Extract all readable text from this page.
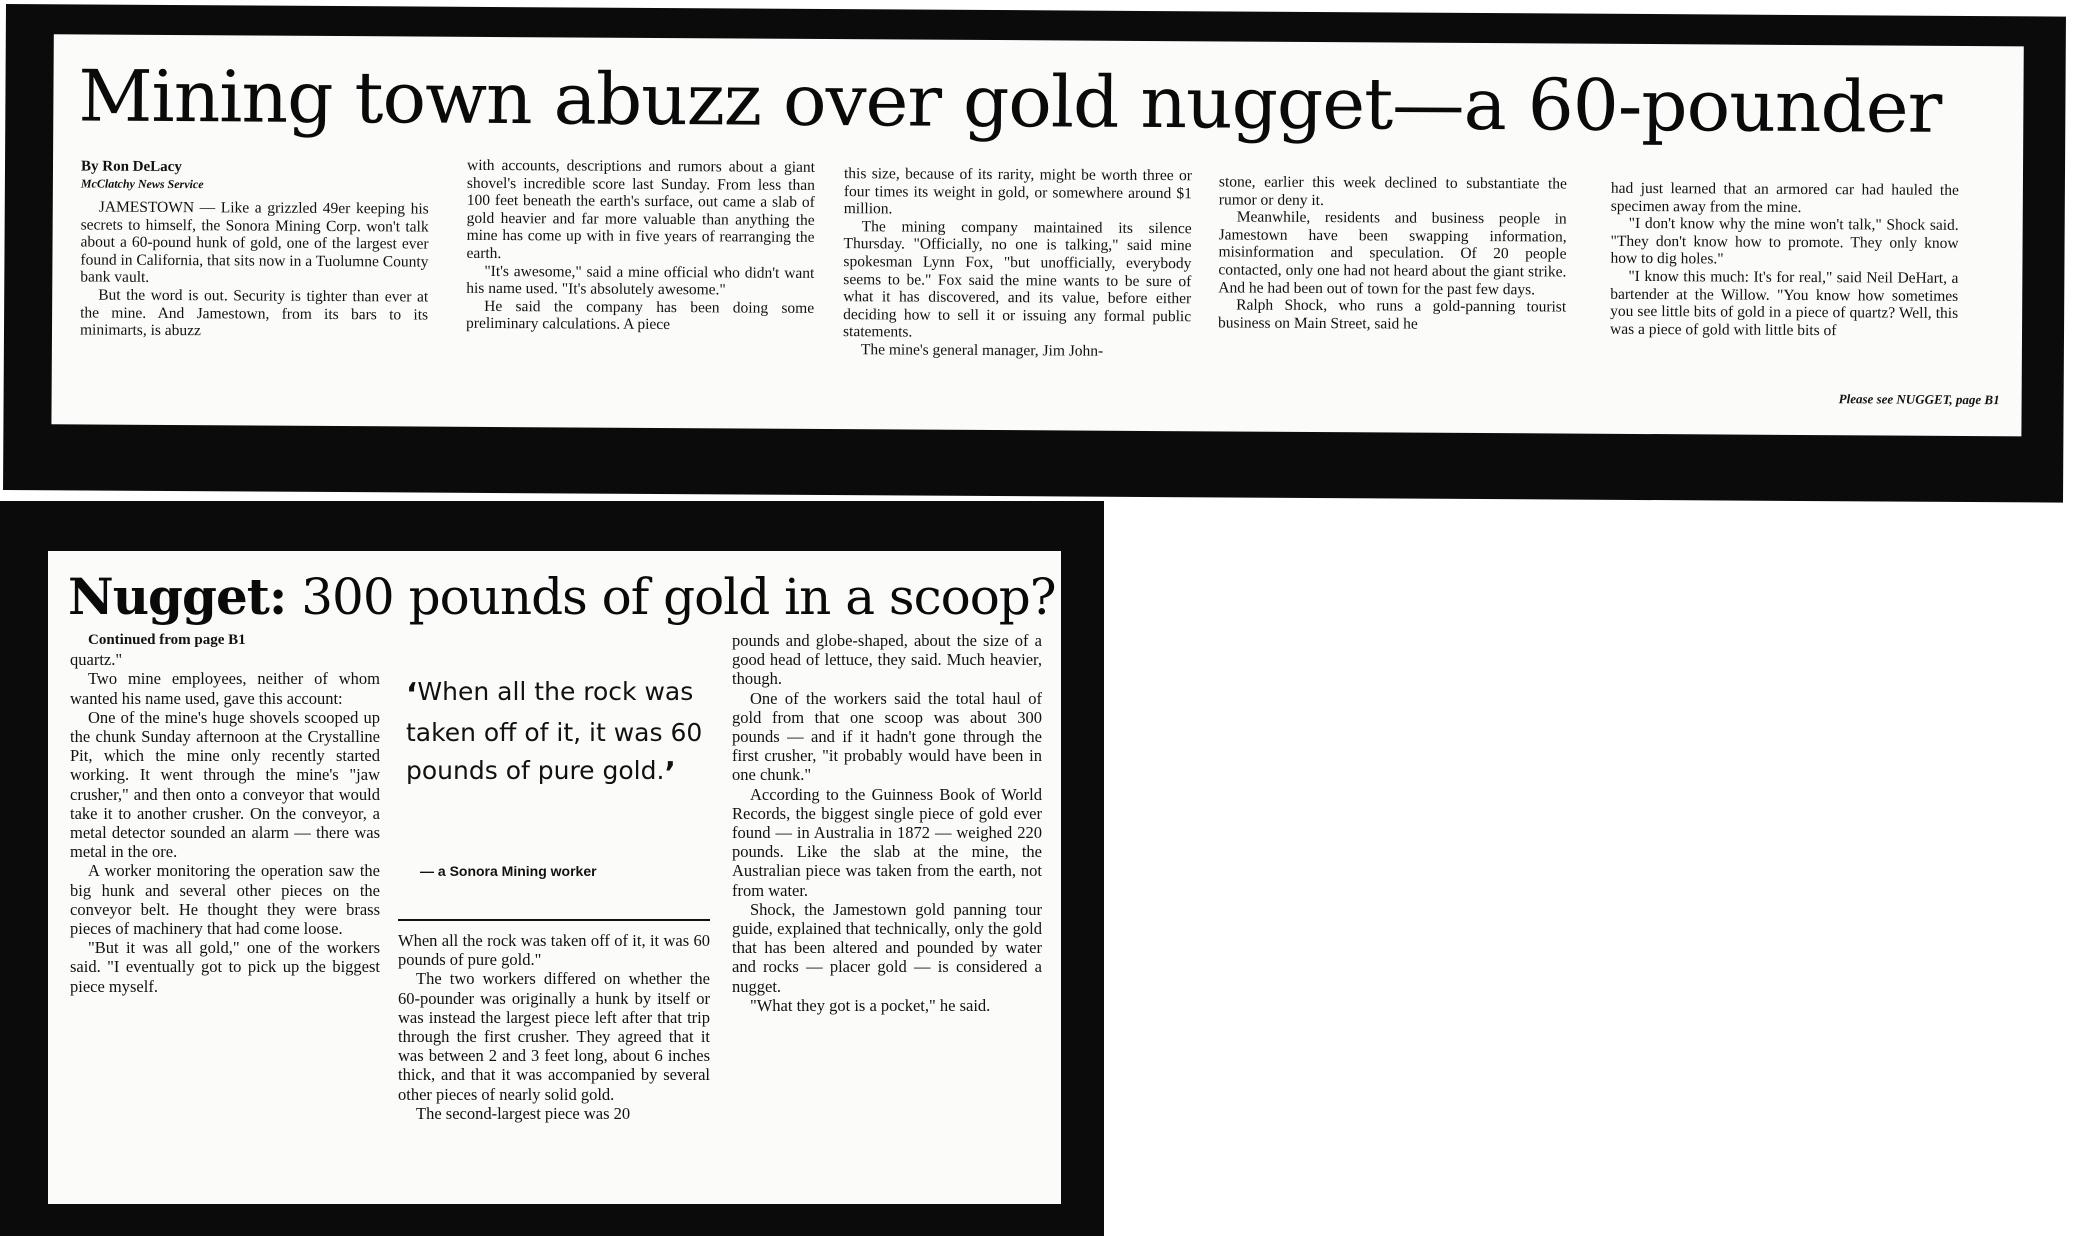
Mining town abuzz over gold nugget—a 60-pounder
By Ron DeLacy
McClatchy News Service

JAMESTOWN — Like a grizzled 49er keeping his secrets to himself, the Sonora Mining Corp. won't talk about a 60-pound hunk of gold, one of the largest ever found in California, that sits now in a Tuolumne County bank vault.

But the word is out. Security is tighter than ever at the mine. And Jamestown, from its bars to its minimarts, is abuzz

with accounts, descriptions and rumors about a giant shovel's incredible score last Sunday. From less than 100 feet beneath the earth's surface, out came a slab of gold heavier and far more valuable than anything the mine has come up with in five years of rearranging the earth.

"It's awesome," said a mine official who didn't want his name used. "It's absolutely awesome."

He said the company has been doing some preliminary calculations. A piece

this size, because of its rarity, might be worth three or four times its weight in gold, or somewhere around $1 million.

The mining company maintained its silence Thursday. "Officially, no one is talking," said mine spokesman Lynn Fox, "but unofficially, everybody seems to be." Fox said the mine wants to be sure of what it has discovered, and its value, before either deciding how to sell it or issuing any formal public statements.

The mine's general manager, Jim John-

stone, earlier this week declined to substantiate the rumor or deny it.

Meanwhile, residents and business people in Jamestown have been swapping information, misinformation and speculation. Of 20 people contacted, only one had not heard about the giant strike. And he had been out of town for the past few days.

Ralph Shock, who runs a gold-panning tourist business on Main Street, said he

had just learned that an armored car had hauled the specimen away from the mine.

"I don't know why the mine won't talk," Shock said. "They don't know how to promote. They only know how to dig holes."

"I know this much: It's for real," said Neil DeHart, a bartender at the Willow. "You know how sometimes you see little bits of gold in a piece of quartz? Well, this was a piece of gold with little bits of

Please see NUGGET, page B1
Nugget: 300 pounds of gold in a scoop?

Continued from page B1

quartz."

Two mine employees, neither of whom wanted his name used, gave this account:

One of the mine's huge shovels scooped up the chunk Sunday afternoon at the Crystalline Pit, which the mine only recently started working. It went through the mine's "jaw crusher," and then onto a conveyor that would take it to another crusher. On the conveyor, a metal detector sounded an alarm — there was metal in the ore.

A worker monitoring the operation saw the big hunk and several other pieces on the conveyor belt. He thought they were brass pieces of machinery that had come loose.

"But it was all gold," one of the workers said. "I eventually got to pick up the biggest piece myself.

‘When all the rock was taken off of it, it was 60 pounds of pure gold.’
— a Sonora Mining worker

When all the rock was taken off of it, it was 60 pounds of pure gold."

The two workers differed on whether the 60-pounder was originally a hunk by itself or was instead the largest piece left after that trip through the first crusher. They agreed that it was between 2 and 3 feet long, about 6 inches thick, and that it was accompanied by several other pieces of nearly solid gold.

The second-largest piece was 20

pounds and globe-shaped, about the size of a good head of lettuce, they said. Much heavier, though.

One of the workers said the total haul of gold from that one scoop was about 300 pounds — and if it hadn't gone through the first crusher, "it probably would have been in one chunk."

According to the Guinness Book of World Records, the biggest single piece of gold ever found — in Australia in 1872 — weighed 220 pounds. Like the slab at the mine, the Australian piece was taken from the earth, not from water.

Shock, the Jamestown gold panning tour guide, explained that technically, only the gold that has been altered and pounded by water and rocks — placer gold — is considered a nugget.

"What they got is a pocket," he said.
